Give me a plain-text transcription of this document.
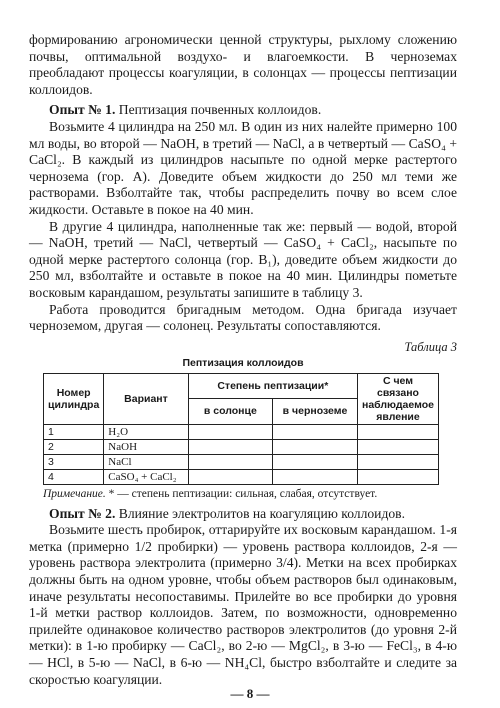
формированию агрономически ценной структуры, рыхлому сложению почвы, оптимальной воздухо- и влагоемкости. В черноземах преобладают процессы коагуляции, в солонцах — процессы пептизации коллоидов.

Опыт № 1. Пептизация почвенных коллоидов.

Возьмите 4 цилиндра на 250 мл. В один из них налейте примерно 100 мл воды, во второй — NaOH, в третий — NaCl, а в четвертый — CaSO₄ + CaCl₂. В каждый из цилиндров насыпьте по одной мерке растертого чернозема (гор. А). Доведите объем жидкости до 250 мл теми же растворами. Взболтайте так, чтобы распределить почву во всем слое жидкости. Оставьте в покое на 40 мин.

В другие 4 цилиндра, наполненные так же: первый — водой, второй — NaOH, третий — NaCl, четвертый — CaSO₄ + CaCl₂, насыпьте по одной мерке растертого солонца (гор. B₁), доведите объем жидкости до 250 мл, взболтайте и оставьте в покое на 40 мин. Цилиндры пометьте восковым карандашом, результаты запишите в таблицу 3.

Работа проводится бригадным методом. Одна бригада изучает черноземом, другая — солонец. Результаты сопоставляются.

Таблица 3
Пептизация коллоидов
Номер цилиндра	Вариант	Степень пептизации*		С чем связано наблюдаемое явление
		в солонце	в черноземе	
1	H₂O			
2	NaOH			
3	NaCl			
4	CaSO₄ + CaCl₂			
Примечание. * — степень пептизации: сильная, слабая, отсутствует.

Опыт № 2. Влияние электролитов на коагуляцию коллоидов.

Возьмите шесть пробирок, оттарируйте их восковым карандашом. 1-я метка (примерно 1/2 пробирки) — уровень раствора коллоидов, 2-я — уровень раствора электролита (примерно 3/4). Метки на всех пробирках должны быть на одном уровне, чтобы объем растворов был одинаковым, иначе результаты несопоставимы. Прилейте во все пробирки до уровня 1-й метки раствор коллоидов. Затем, по возможности, одновременно прилейте одинаковое количество растворов электролитов (до уровня 2-й метки): в 1-ю пробирку — CaCl₂, во 2-ю — MgCl₂, в 3-ю — FeCl₃, в 4-ю — HCl, в 5-ю — NaCl, в 6-ю — NH₄Cl, быстро взболтайте и следите за скоростью коагуляции.

— 8 —
